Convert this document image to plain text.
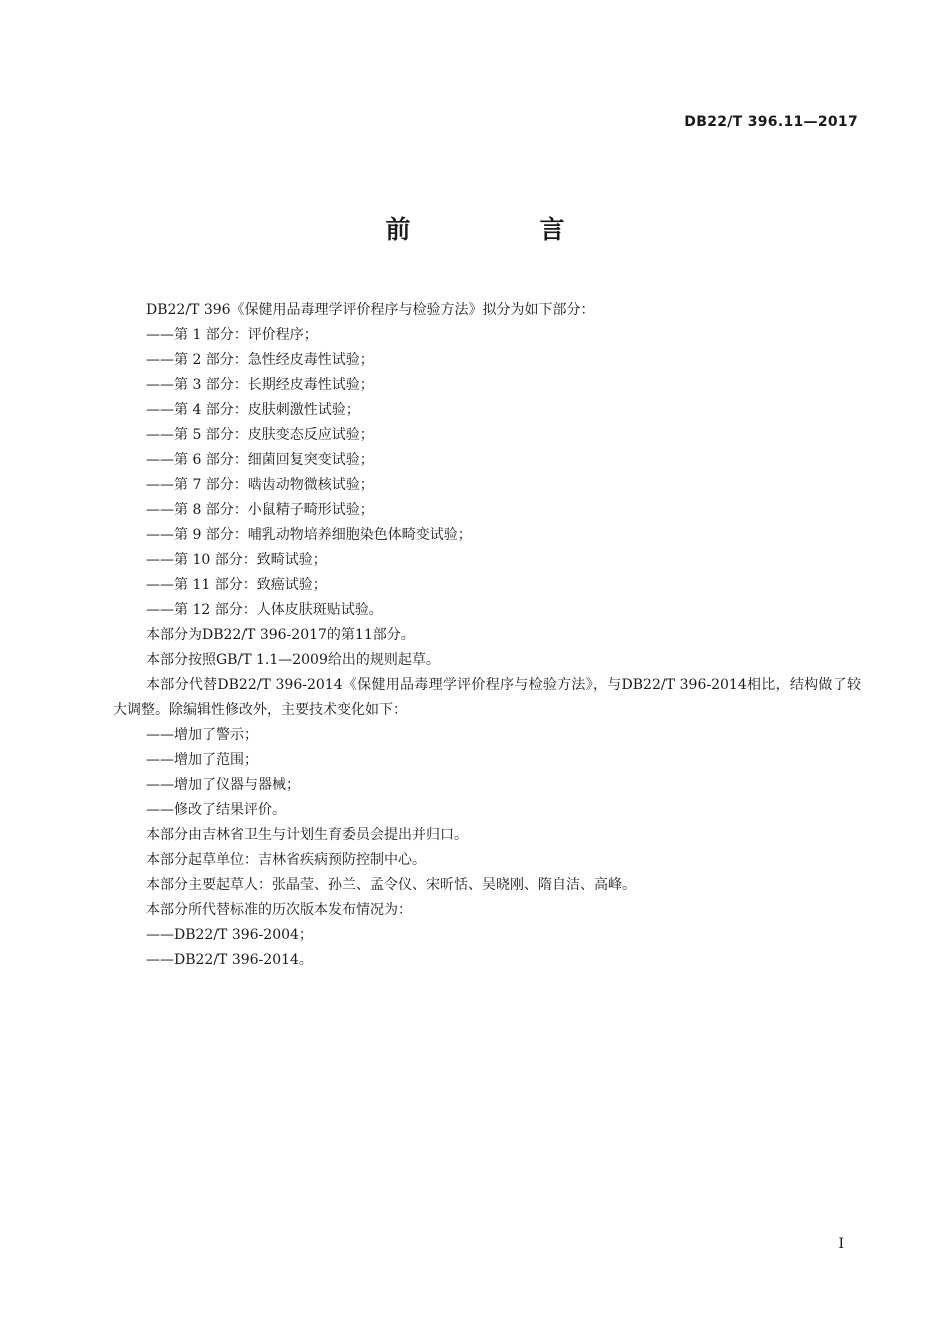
DB22/T 396.11—2017
前　言
DB22/T 396《保健用品毒理学评价程序与检验方法》拟分为如下部分：
——第 1 部分：评价程序；
——第 2 部分：急性经皮毒性试验；
——第 3 部分：长期经皮毒性试验；
——第 4 部分：皮肤刺激性试验；
——第 5 部分：皮肤变态反应试验；
——第 6 部分：细菌回复突变试验；
——第 7 部分：啮齿动物微核试验；
——第 8 部分：小鼠精子畸形试验；
——第 9 部分：哺乳动物培养细胞染色体畸变试验；
——第 10 部分：致畸试验；
——第 11 部分：致癌试验；
——第 12 部分：人体皮肤斑贴试验。
本部分为DB22/T 396-2017的第11部分。
本部分按照GB/T 1.1—2009给出的规则起草。
本部分代替DB22/T 396-2014《保健用品毒理学评价程序与检验方法》，与DB22/T 396-2014相比，结构做了较大调整。除编辑性修改外，主要技术变化如下：
——增加了警示；
——增加了范围；
——增加了仪器与器械；
——修改了结果评价。
本部分由吉林省卫生与计划生育委员会提出并归口。
本部分起草单位：吉林省疾病预防控制中心。
本部分主要起草人：张晶莹、孙兰、孟令仪、宋昕恬、吴晓刚、隋自洁、高峰。
本部分所代替标准的历次版本发布情况为：
——DB22/T 396-2004；
——DB22/T 396-2014。
I
